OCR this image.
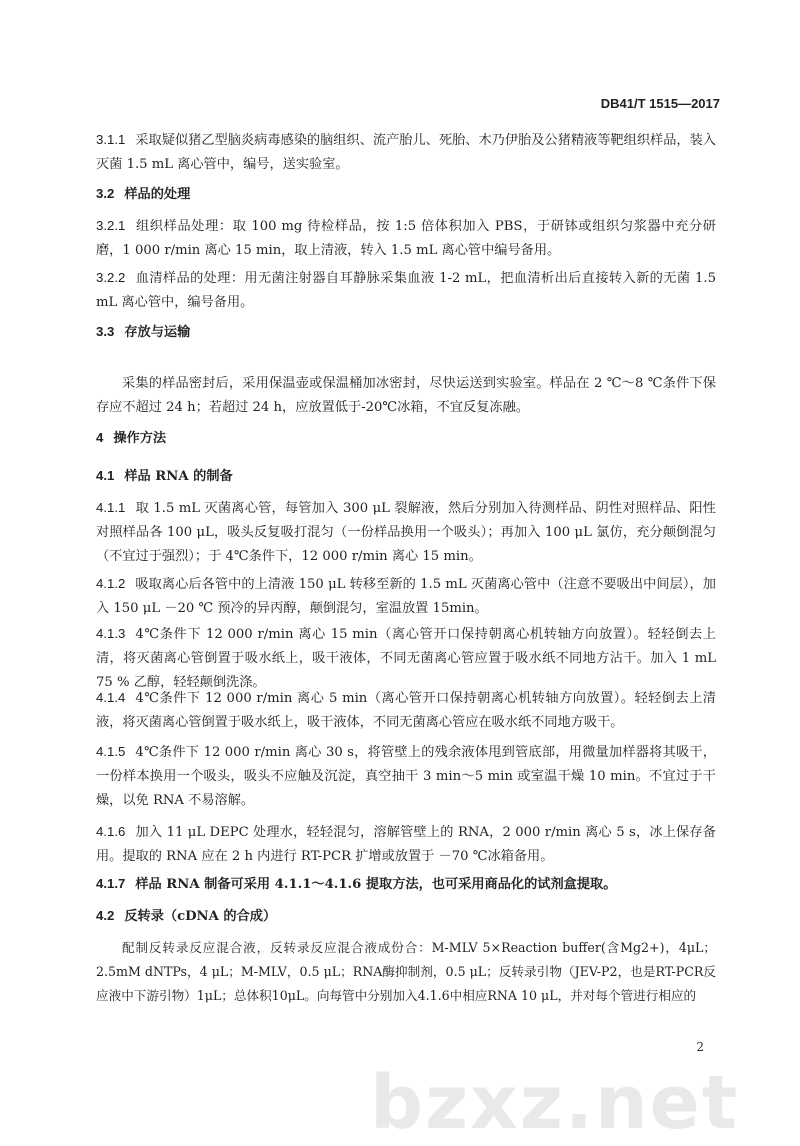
DB41/T 1515—2017
3.1.1 采取疑似猪乙型脑炎病毒感染的脑组织、流产胎儿、死胎、木乃伊胎及公猪精液等靶组织样品，装入灭菌 1.5 mL 离心管中，编号，送实验室。
3.2 样品的处理
3.2.1 组织样品处理：取 100 mg 待检样品，按 1:5 倍体积加入 PBS，于研钵或组织匀浆器中充分研磨，1 000 r/min 离心 15 min，取上清液，转入 1.5 mL 离心管中编号备用。
3.2.2 血清样品的处理：用无菌注射器自耳静脉采集血液 1-2 mL，把血清析出后直接转入新的无菌 1.5 mL 离心管中，编号备用。
3.3 存放与运输
采集的样品密封后，采用保温壶或保温桶加冰密封，尽快运送到实验室。样品在 2 ℃～8 ℃条件下保存应不超过 24 h；若超过 24 h，应放置低于-20℃冰箱，不宜反复冻融。
4 操作方法
4.1 样品 RNA 的制备
4.1.1 取 1.5 mL 灭菌离心管，每管加入 300 μL 裂解液，然后分别加入待测样品、阴性对照样品、阳性对照样品各 100 μL，吸头反复吸打混匀（一份样品换用一个吸头）；再加入 100 μL 氯仿，充分颠倒混匀（不宜过于强烈）；于 4℃条件下，12 000 r/min 离心 15 min。
4.1.2 吸取离心后各管中的上清液 150 μL 转移至新的 1.5 mL 灭菌离心管中（注意不要吸出中间层），加入 150 μL －20 ℃ 预冷的异丙醇，颠倒混匀，室温放置 15min。
4.1.3 4℃条件下 12 000 r/min 离心 15 min（离心管开口保持朝离心机转轴方向放置）。轻轻倒去上清，将灭菌离心管倒置于吸水纸上，吸干液体，不同无菌离心管应置于吸水纸不同地方沾干。加入 1 mL 75 % 乙醇，轻轻颠倒洗涤。
4.1.4 4℃条件下 12 000 r/min 离心 5 min（离心管开口保持朝离心机转轴方向放置）。轻轻倒去上清液，将灭菌离心管倒置于吸水纸上，吸干液体，不同无菌离心管应在吸水纸不同地方吸干。
4.1.5 4℃条件下 12 000 r/min 离心 30 s，将管壁上的残余液体甩到管底部，用微量加样器将其吸干，一份样本换用一个吸头，吸头不应触及沉淀，真空抽干 3 min～5 min 或室温干燥 10 min。不宜过于干燥，以免 RNA 不易溶解。
4.1.6 加入 11 μL DEPC 处理水，轻轻混匀，溶解管壁上的 RNA，2 000 r/min 离心 5 s，冰上保存备用。提取的 RNA 应在 2 h 内进行 RT-PCR 扩增或放置于 －70 ℃冰箱备用。
4.1.7 样品 RNA 制备可采用 4.1.1～4.1.6 提取方法，也可采用商品化的试剂盒提取。
4.2 反转录（cDNA 的合成）
配制反转录反应混合液，反转录反应混合液成份合：M-MLV 5×Reaction buffer(含Mg2+)，4μL；2.5mM dNTPs，4 μL；M-MLV，0.5 μL；RNA酶抑制剂，0.5 μL；反转录引物（JEV-P2，也是RT-PCR反应液中下游引物）1μL；总体积10μL。向每管中分别加入4.1.6中相应RNA 10 μL，并对每个管进行相应的
2
bzxz.net
